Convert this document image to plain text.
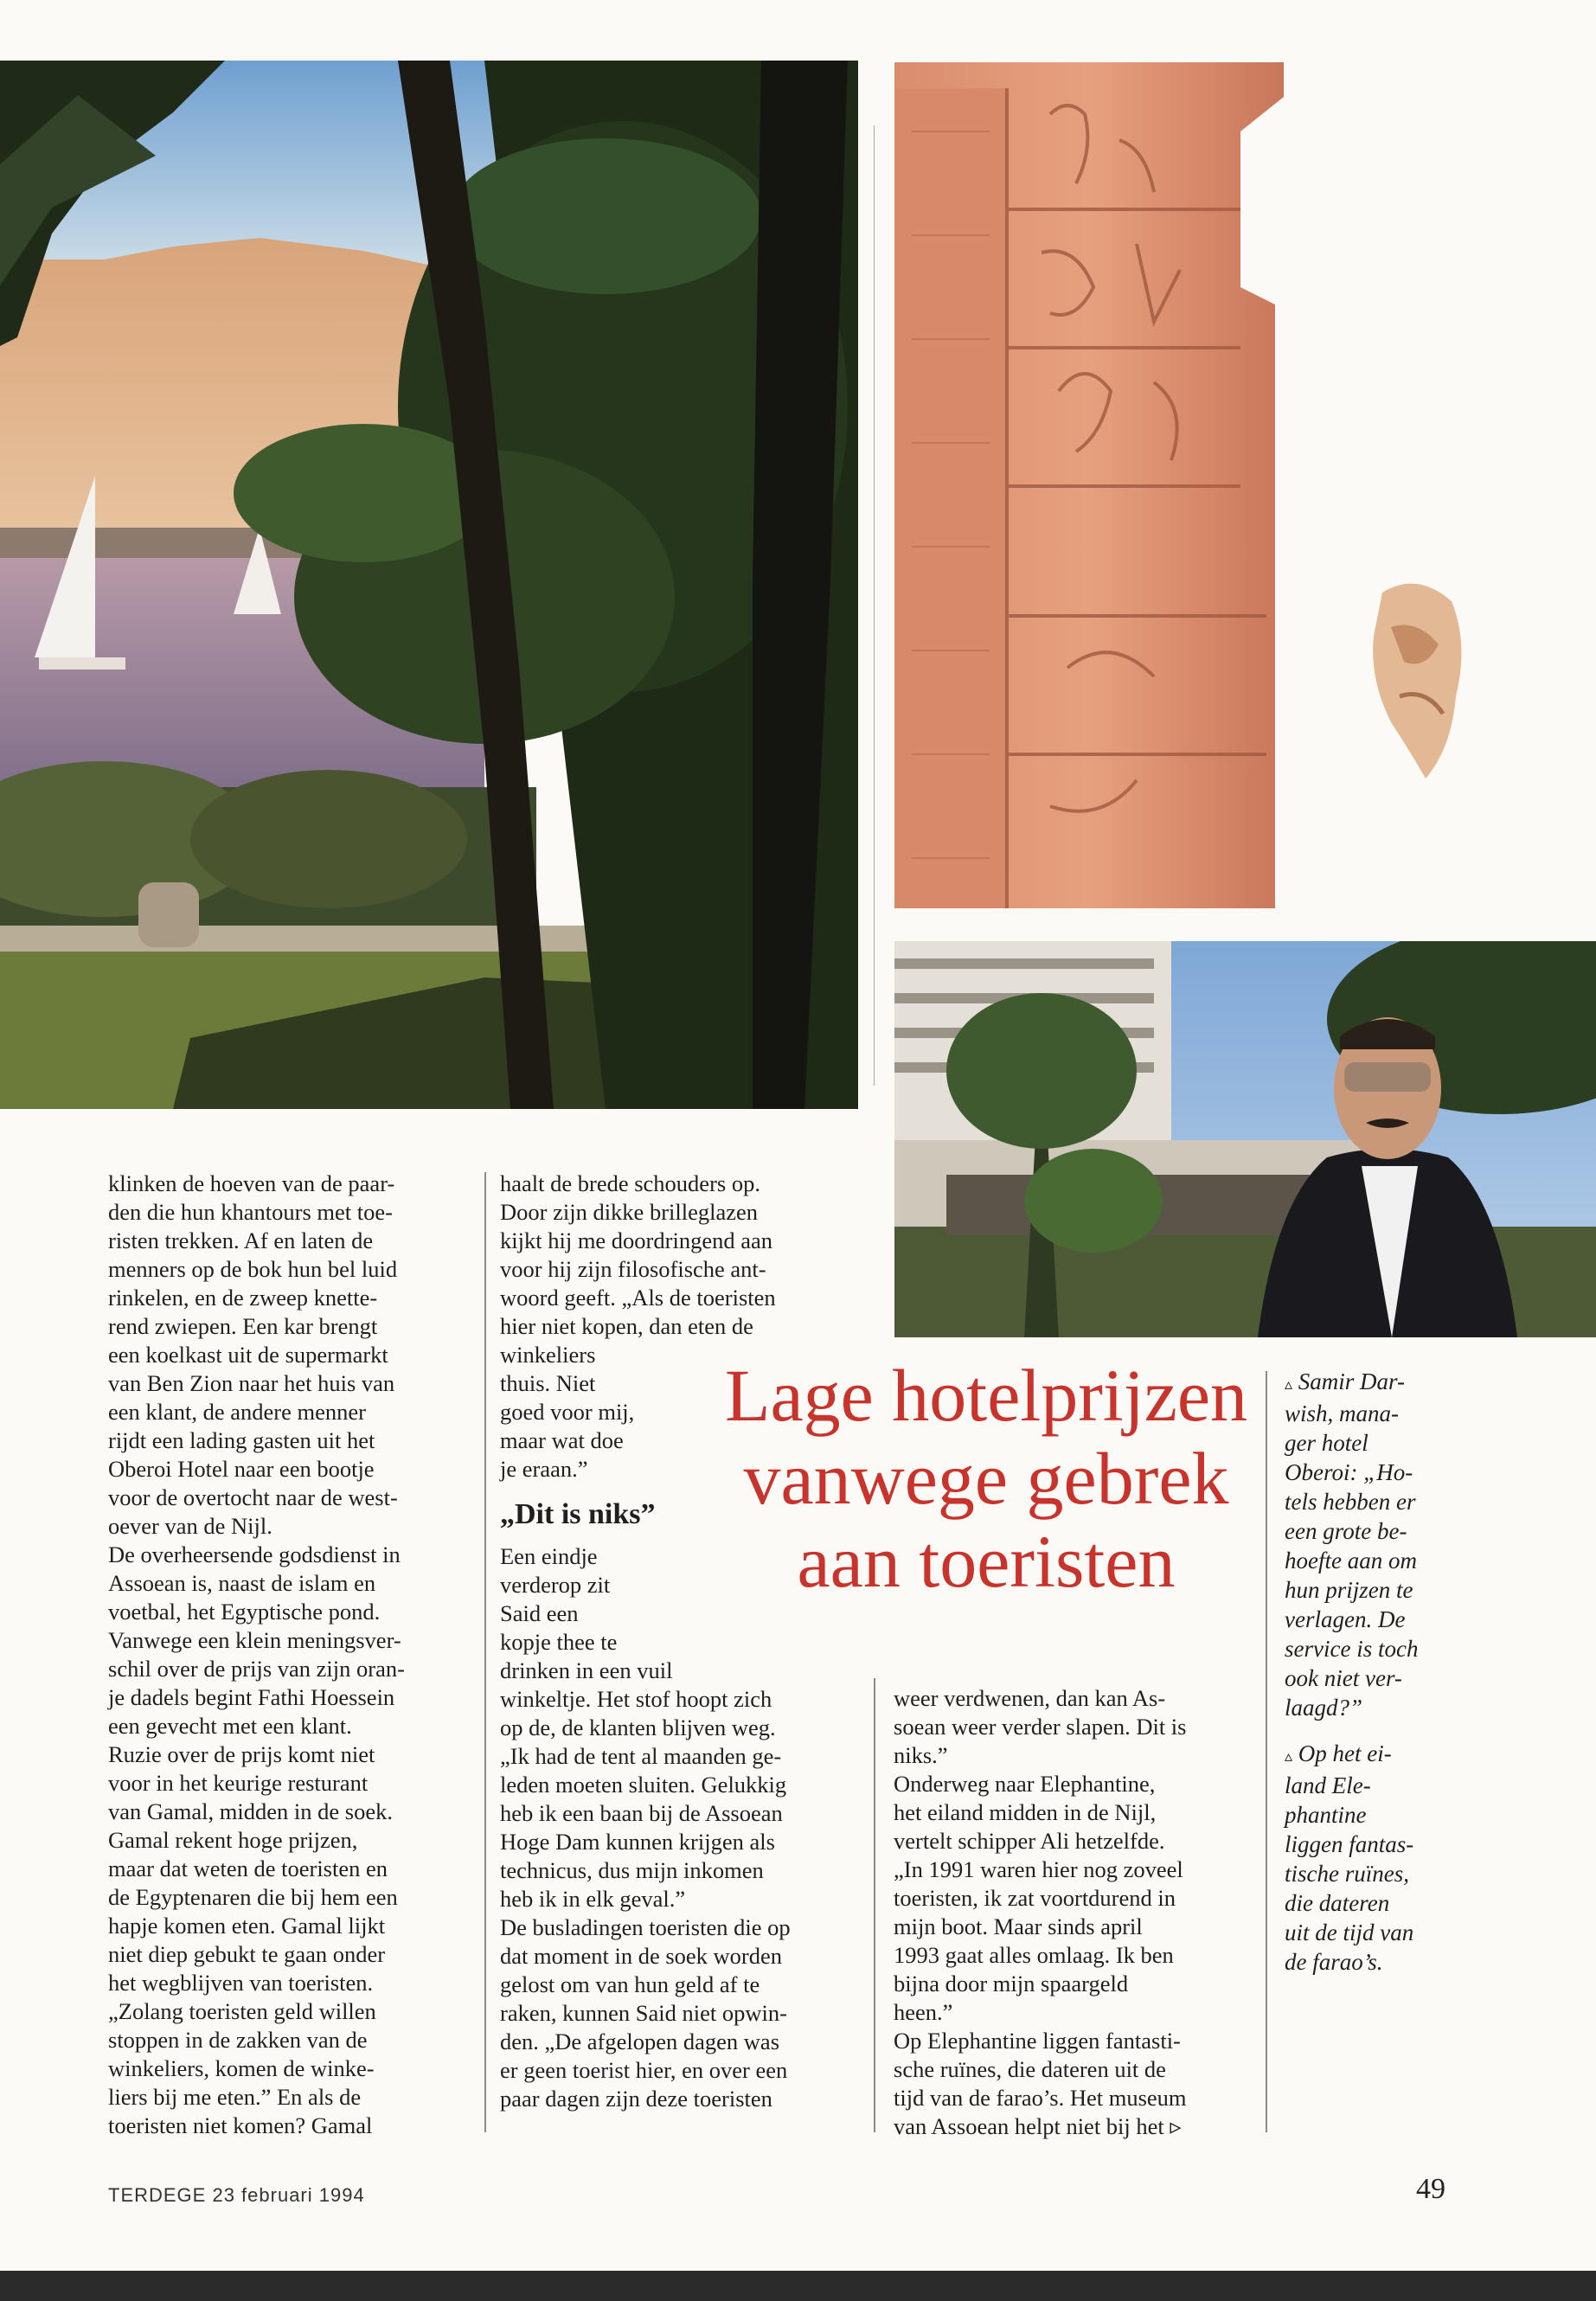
klinken de hoeven van de paar-

den die hun khantours met toe-

risten trekken. Af en laten de

menners op de bok hun bel luid

rinkelen, en de zweep knette-

rend zwiepen. Een kar brengt

een koelkast uit de supermarkt

van Ben Zion naar het huis van

een klant, de andere menner

rijdt een lading gasten uit het

Oberoi Hotel naar een bootje

voor de overtocht naar de west-

oever van de Nijl.

De overheersende godsdienst in

Assoean is, naast de islam en

voetbal, het Egyptische pond.

Vanwege een klein meningsver-

schil over de prijs van zijn oran-

je dadels begint Fathi Hoessein

een gevecht met een klant.

Ruzie over de prijs komt niet

voor in het keurige resturant

van Gamal, midden in de soek.

Gamal rekent hoge prijzen,

maar dat weten de toeristen en

de Egyptenaren die bij hem een

hapje komen eten. Gamal lijkt

niet diep gebukt te gaan onder

het wegblijven van toeristen.

„Zolang toeristen geld willen

stoppen in de zakken van de

winkeliers, komen de winke-

liers bij me eten.” En als de

toeristen niet komen? Gamal

haalt de brede schouders op.

Door zijn dikke brilleglazen

kijkt hij me doordringend aan

voor hij zijn filosofische ant-

woord geeft. „Als de toeristen

hier niet kopen, dan eten de

winkeliers

thuis. Niet

goed voor mij,

maar wat doe

je eraan.”

„Dit is niks”

Een eindje

verderop zit

Said een

kopje thee te

drinken in een vuil

winkeltje. Het stof hoopt zich

op de, de klanten blijven weg.

„Ik had de tent al maanden ge-

leden moeten sluiten. Gelukkig

heb ik een baan bij de Assoean

Hoge Dam kunnen krijgen als

technicus, dus mijn inkomen

heb ik in elk geval.”

De busladingen toeristen die op

dat moment in de soek worden

gelost om van hun geld af te

raken, kunnen Said niet opwin-

den. „De afgelopen dagen was

er geen toerist hier, en over een

paar dagen zijn deze toeristen

weer verdwenen, dan kan As-

soean weer verder slapen. Dit is

niks.”

Onderweg naar Elephantine,

het eiland midden in de Nijl,

vertelt schipper Ali hetzelfde.

„In 1991 waren hier nog zoveel

toeristen, ik zat voortdurend in

mijn boot. Maar sinds april

1993 gaat alles omlaag. Ik ben

bijna door mijn spaargeld

heen.”

Op Elephantine liggen fantasti-

sche ruïnes, die dateren uit de

tijd van de farao’s. Het museum

van Assoean helpt niet bij het ▹

Lage hotelprijzen
vanwege gebrek
aan toeristen
▵ Samir Dar-
wish, mana-
ger hotel
Oberoi: „Ho-
tels hebben er
een grote be-
hoefte aan om
hun prijzen te
verlagen. De
service is toch
ook niet ver-
laagd?”

▵ Op het ei-
land Ele-
phantine
liggen fantas-
tische ruïnes,
die dateren
uit de tijd van
de farao’s.

TERDEGE 23 februari 1994	49
